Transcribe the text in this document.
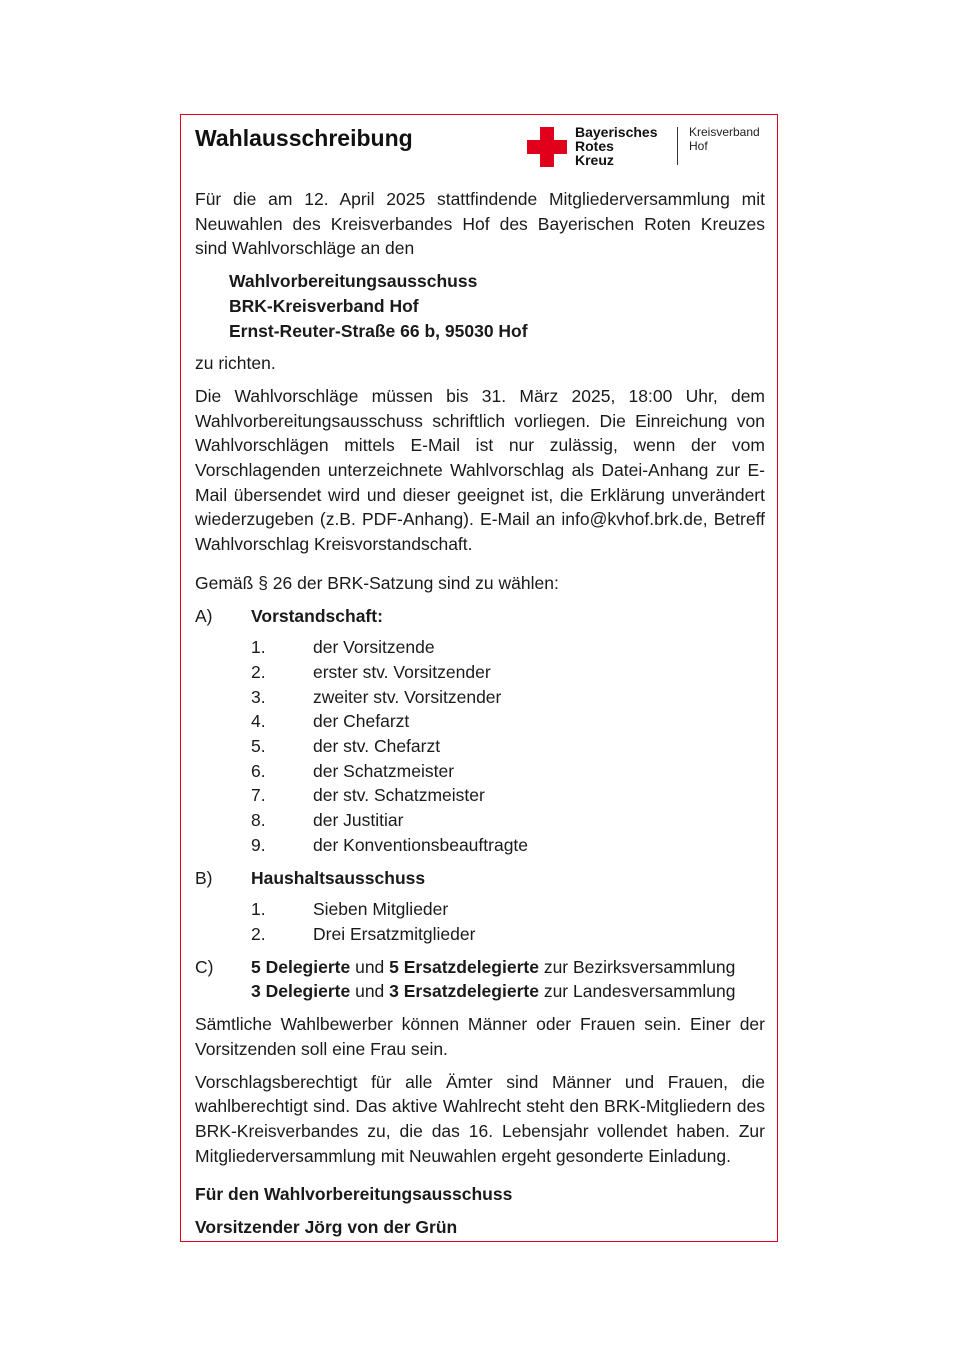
Wahlausschreibung	Bayerisches
Rotes
Kreuz
Kreisverband
Hof

Für die am 12. April 2025 stattfindende Mitgliederversammlung mit Neuwahlen des Kreisverbandes Hof des Bayerischen Roten Kreuzes sind Wahlvorschläge an den

Wahlvorbereitungsausschuss
BRK-Kreisverband Hof
Ernst-Reuter-Straße 66 b, 95030 Hof

zu richten.

Die Wahlvorschläge müssen bis 31. März 2025, 18:00 Uhr, dem Wahlvorbereitungsausschuss schriftlich vorliegen. Die Einreichung von Wahlvorschlägen mittels E-Mail ist nur zulässig, wenn der vom Vorschlagenden unterzeichnete Wahlvorschlag als Datei-Anhang zur E-Mail übersendet wird und dieser geeignet ist, die Erklärung unverändert wiederzugeben (z.B. PDF-Anhang). E-Mail an info@kvhof.brk.de, Betreff Wahlvorschlag Kreisvorstandschaft.

Gemäß § 26 der BRK-Satzung sind zu wählen:

A)	Vorstandschaft:
1.	der Vorsitzende
2.	erster stv. Vorsitzender
3.	zweiter stv. Vorsitzender
4.	der Chefarzt
5.	der stv. Chefarzt
6.	der Schatzmeister
7.	der stv. Schatzmeister
8.	der Justitiar
9.	der Konventionsbeauftragte
B)	Haushaltsausschuss
1.	Sieben Mitglieder
2.	Drei Ersatzmitglieder
C)	5 Delegierte und 5 Ersatzdelegierte zur Bezirksversammlung
3 Delegierte und 3 Ersatzdelegierte zur Landesversammlung

Sämtliche Wahlbewerber können Männer oder Frauen sein. Einer der Vorsitzenden soll eine Frau sein.

Vorschlagsberechtigt für alle Ämter sind Männer und Frauen, die wahlberechtigt sind. Das aktive Wahlrecht steht den BRK-Mitgliedern des BRK-Kreisverbandes zu, die das 16. Lebensjahr vollendet haben. Zur Mitgliederversammlung mit Neuwahlen ergeht gesonderte Einladung.

Für den Wahlvorbereitungsausschuss

Vorsitzender Jörg von der Grün
